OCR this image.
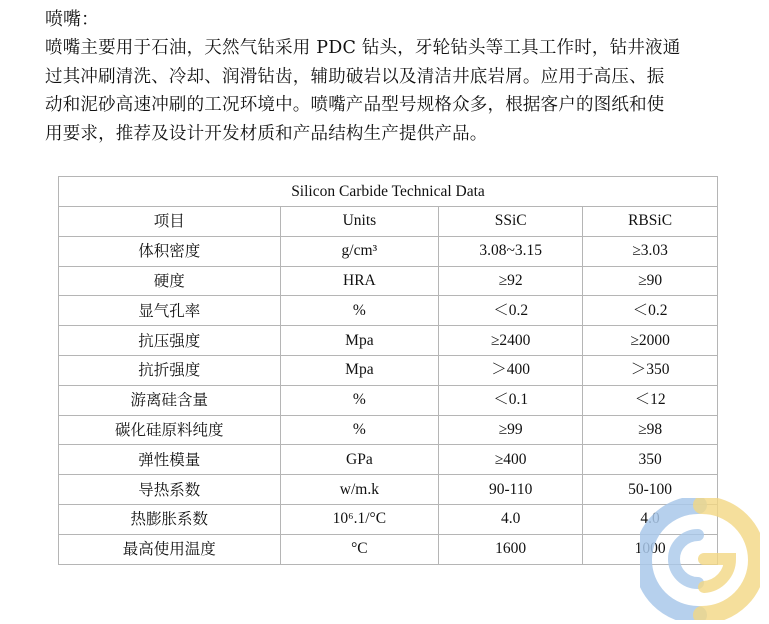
喷嘴：
喷嘴主要用于石油，天然气钻采用 PDC 钻头，牙轮钻头等工具工作时，钻井液通
过其冲刷清洗、冷却、润滑钻齿，辅助破岩以及清洁井底岩屑。应用于高压、振
动和泥砂高速冲刷的工况环境中。喷嘴产品型号规格众多，根据客户的图纸和使
用要求，推荐及设计开发材质和产品结构生产提供产品。
Silicon Carbide Technical Data			
项目	Units	SSiC	RBSiC
体积密度	g/cm³	3.08~3.15	≥3.03
硬度	HRA	≥92	≥90
显气孔率	%	＜0.2	＜0.2
抗压强度	Mpa	≥2400	≥2000
抗折强度	Mpa	＞400	＞350
游离硅含量	%	＜0.1	＜12
碳化硅原料纯度	%	≥99	≥98
弹性模量	GPa	≥400	350
导热系数	w/m.k	90-110	50-100
热膨胀系数	10⁶.1/°C	4.0	4.0
最高使用温度	°C	1600	1000
